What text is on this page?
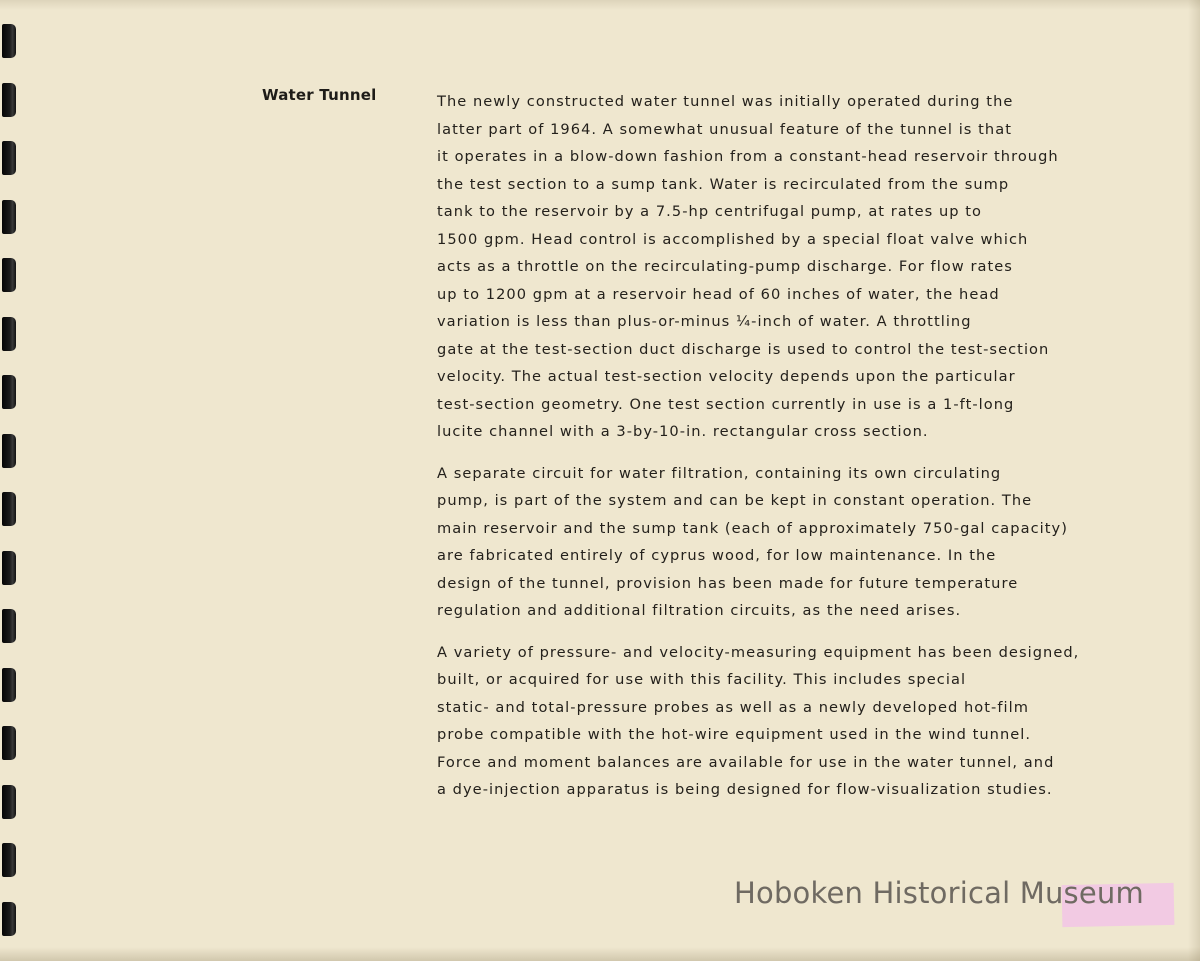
Water Tunnel	The newly constructed water tunnel was initially operated during the
latter part of 1964. A somewhat unusual feature of the tunnel is that
it operates in a blow-down fashion from a constant-head reservoir through
the test section to a sump tank. Water is recirculated from the sump
tank to the reservoir by a 7.5-hp centrifugal pump, at rates up to
1500 gpm. Head control is accomplished by a special float valve which
acts as a throttle on the recirculating-pump discharge. For flow rates
up to 1200 gpm at a reservoir head of 60 inches of water, the head
variation is less than plus-or-minus ¼-inch of water. A throttling
gate at the test-section duct discharge is used to control the test-section
velocity. The actual test-section velocity depends upon the particular
test-section geometry. One test section currently in use is a 1-ft-long
lucite channel with a 3-by-10-in. rectangular cross section.
A separate circuit for water filtration, containing its own circulating
pump, is part of the system and can be kept in constant operation. The
main reservoir and the sump tank (each of approximately 750-gal capacity)
are fabricated entirely of cyprus wood, for low maintenance. In the
design of the tunnel, provision has been made for future temperature
regulation and additional filtration circuits, as the need arises.
A variety of pressure- and velocity-measuring equipment has been designed,
built, or acquired for use with this facility. This includes special
static- and total-pressure probes as well as a newly developed hot-film
probe compatible with the hot-wire equipment used in the wind tunnel.
Force and moment balances are available for use in the water tunnel, and
a dye-injection apparatus is being designed for flow-visualization studies.
Hoboken Historical Museum
